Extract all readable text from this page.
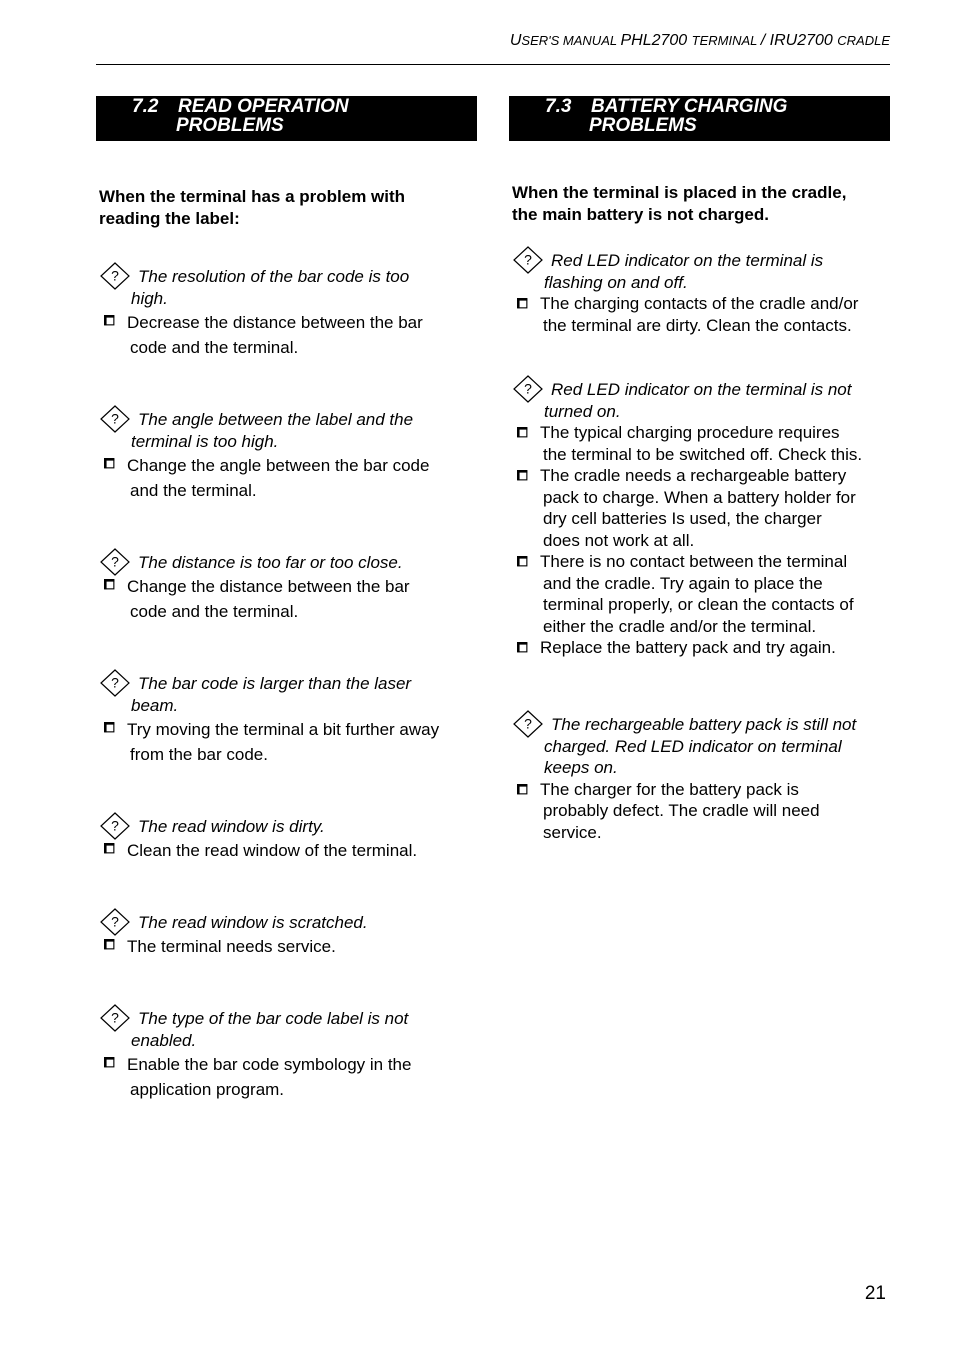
USER'S MANUAL PHL2700 TERMINAL / IRU2700 CRADLE
7.2	READ OPERATION
PROBLEMS
When the terminal has a problem with
reading the label:
?	The resolution of the bar code is too
high.
Decrease the distance between the bar
code and the terminal.
?	The angle between the label and the
terminal is too high.
Change the angle between the bar code
and the terminal.
?	The distance is too far or too close.
Change the distance between the bar
code and the terminal.
?	The bar code is larger than the laser
beam.
Try moving the terminal a bit further away
from the bar code.
?	The read window is dirty.
Clean the read window of the terminal.
?	The read window is scratched.
The terminal needs service.
?	The type of the bar code label is not
enabled.
Enable the bar code symbology in the
application program.
7.3	BATTERY CHARGING
PROBLEMS
When the terminal is placed in the cradle,
the main battery is not charged.
?	Red LED indicator on the terminal is
flashing on and off.
The charging contacts of the cradle and/or
the terminal are dirty. Clean the contacts.
?	Red LED indicator on the terminal is not
turned on.
The typical charging procedure requires
the terminal to be switched off. Check this.
The cradle needs a rechargeable battery
pack to charge. When a battery holder for
dry cell batteries Is used, the charger
does not work at all.
There is no contact between the terminal
and the cradle. Try again to place the
terminal properly, or clean the contacts of
either the cradle and/or the terminal.
Replace the battery pack and try again.
?	The rechargeable battery pack is still not
charged. Red LED indicator on terminal
keeps on.
The charger for the battery pack is
probably defect. The cradle will need
service.
21
